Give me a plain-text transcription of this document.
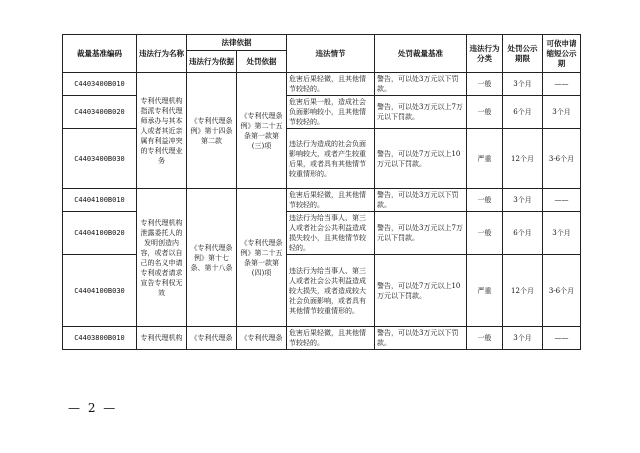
裁量基准编码	违法行为名称	法律依据		违法情节	处罚裁量基准	违法行为分类	处罚公示期限	可依申请缩短公示期
		违法行为依据	处罚依据					
C4403400B010	专利代理机构指派专利代理师承办与其本人或者其近亲属有利益冲突的专利代理业务	《专利代理条例》第十四条第二款	《专利代理条例》第二十五条第一款第(三)项	危害后果轻微，且其他情节较轻的。	警告，可以处3万元以下罚款。	一般	3个月	——
C4403400B020				危害后果一般，造成社会负面影响较小，且其他情节较轻的。	警告，可以处3万元以上7万元以下罚款。	一般	6个月	3个月
C4403400B030				违法行为造成的社会负面影响较大，或者产生较重后果，或者具有其他情节较重情形的。	警告，可以处7万元以上10万元以下罚款。	严重	12个月	3-6个月
C4404100B010	专利代理机构泄露委托人的发明创造内容，或者以自己的名义申请专利或者请求宣告专利权无效	《专利代理条例》第十七条、第十八条	《专利代理条例》第二十五条第一款第(四)项	危害后果轻微，且其他情节较轻的。	警告，可以处3万元以下罚款。	一般	3个月	——
C4404100B020				违法行为给当事人、第三人或者社会公共利益造成损失较小，且其他情节较轻的。	警告，可以处3万元以上7万元以下罚款。	一般	6个月	3个月
C4404100B030				违法行为给当事人、第三人或者社会公共利益造成较大损失，或者造成较大社会负面影响，或者具有其他情节较重情形的。	警告，可以处7万元以上10万元以下罚款。	严重	12个月	3-6个月
C4403800B010	专利代理机构	《专利代理条	《专利代理条	危害后果轻微，且其他情节较轻的。	警告，可以处3万元以下罚款。	一般	3个月	——
— 2 —
